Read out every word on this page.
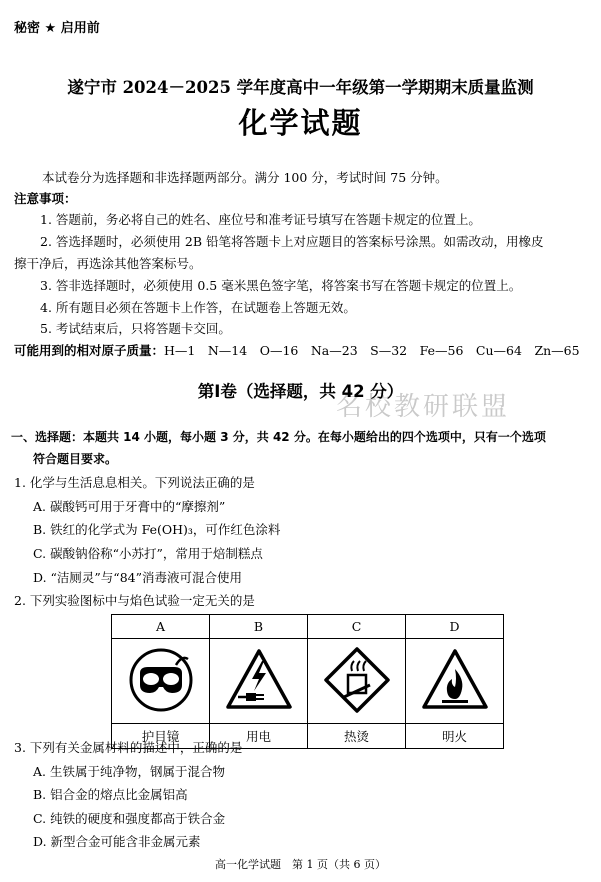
秘密 ★ 启用前
遂宁市 2024－2025 学年度高中一年级第一学期期末质量监测
化学试题
本试卷分为选择题和非选择题两部分。满分 100 分，考试时间 75 分钟。
注意事项：
1. 答题前，务必将自己的姓名、座位号和准考证号填写在答题卡规定的位置上。
2. 答选择题时，必须使用 2B 铅笔将答题卡上对应题目的答案标号涂黑。如需改动，用橡皮
擦干净后，再选涂其他答案标号。
3. 答非选择题时，必须使用 0.5 毫米黑色签字笔，将答案书写在答题卡规定的位置上。
4. 所有题目必须在答题卡上作答，在试题卷上答题无效。
5. 考试结束后，只将答题卡交回。
可能用到的相对原子质量：H—1　N—14　O—16　Na—23　S—32　Fe—56　Cu—64　Zn—65
名校教研联盟
第Ⅰ卷（选择题，共 42 分）
一、选择题：本题共 14 小题，每小题 3 分，共 42 分。在每小题给出的四个选项中，只有一个选项
符合题目要求。
1. 化学与生活息息相关。下列说法正确的是
A. 碳酸钙可用于牙膏中的“摩擦剂”
B. 铁红的化学式为 Fe(OH)₃，可作红色涂料
C. 碳酸钠俗称“小苏打”，常用于焙制糕点
D. “洁厕灵”与“84”消毒液可混合使用
2. 下列实验图标中与焰色试验一定无关的是
A	B	C	D

护目镜	用电	热烫	明火
3. 下列有关金属材料的描述中，正确的是
A. 生铁属于纯净物，钢属于混合物
B. 铝合金的熔点比金属铝高
C. 纯铁的硬度和强度都高于铁合金
D. 新型合金可能含非金属元素
高一化学试题　第 1 页（共 6 页）
